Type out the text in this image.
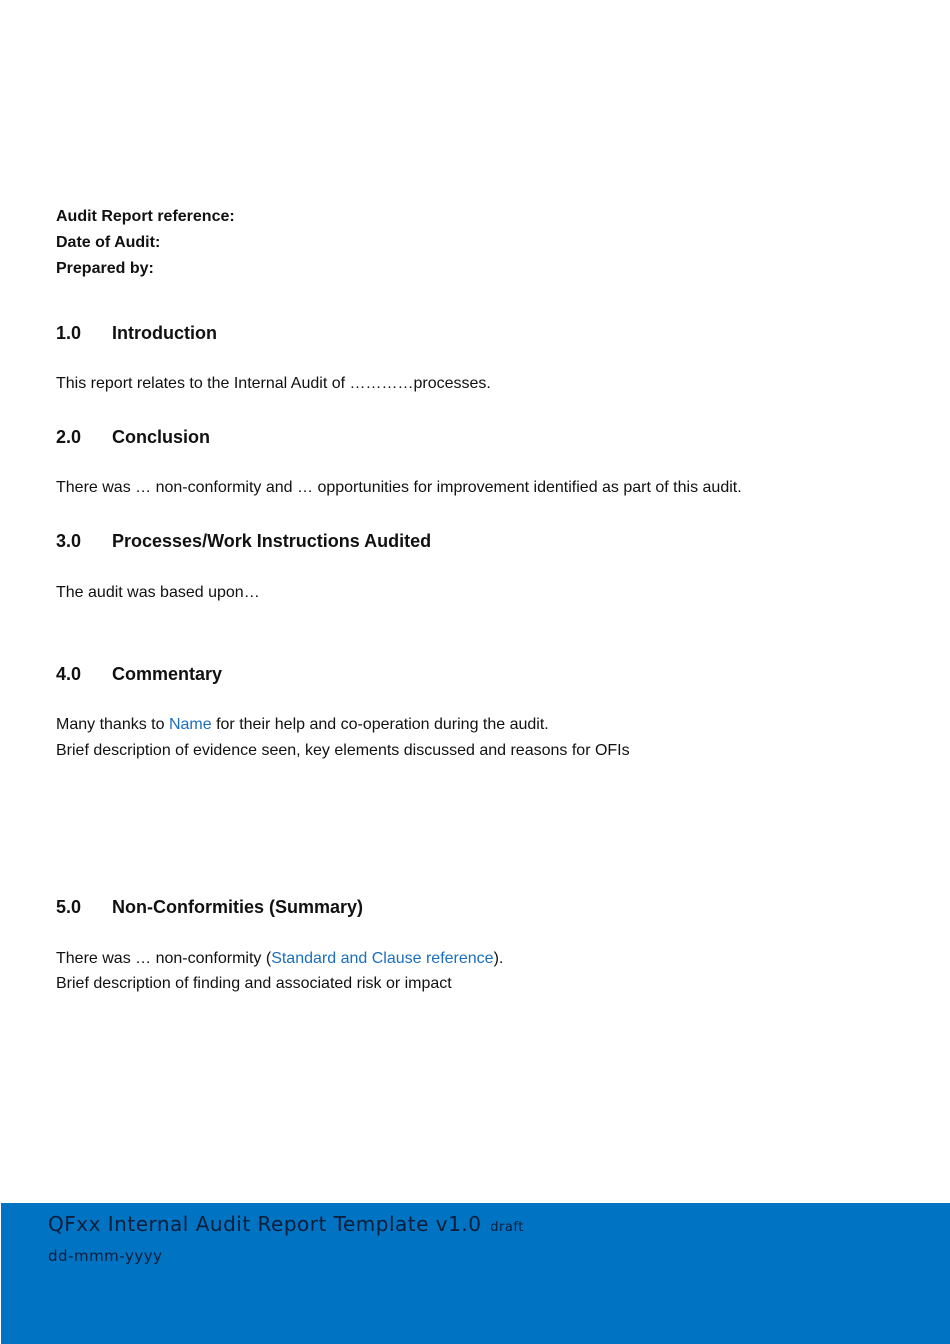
Audit Report reference:
Date of Audit:
Prepared by:
1.0 Introduction
This report relates to the Internal Audit of …………processes.
2.0 Conclusion
There was … non-conformity and … opportunities for improvement identified as part of this audit.
3.0 Processes/Work Instructions Audited
The audit was based upon…
4.0 Commentary
Many thanks to Name for their help and co-operation during the audit.
Brief description of evidence seen, key elements discussed and reasons for OFIs
5.0 Non-Conformities (Summary)
There was … non-conformity (Standard and Clause reference).
Brief description of finding and associated risk or impact
QFxx Internal Audit Report Template v1.0 draft
dd-mmm-yyyy
